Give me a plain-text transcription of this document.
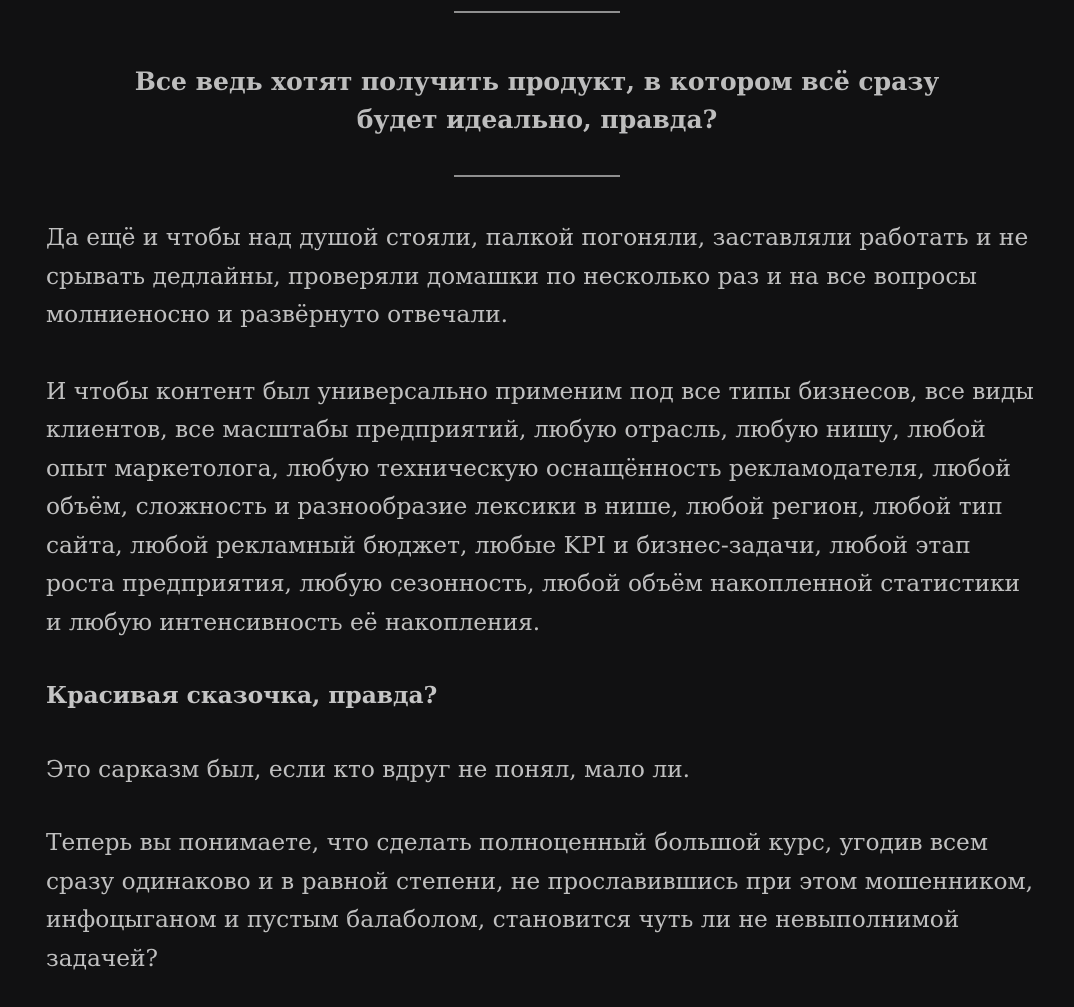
Все ведь хотят получить продукт, в котором всё сразу будет идеально, правда?

Да ещё и чтобы над душой стояли, палкой погоняли, заставляли работать и не срывать дедлайны, проверяли домашки по несколько раз и на все вопросы молниеносно и развёрнуто отвечали.

И чтобы контент был универсально применим под все типы бизнесов, все виды клиентов, все масштабы предприятий, любую отрасль, любую нишу, любой опыт маркетолога, любую техническую оснащённость рекламодателя, любой объём, сложность и разнообразие лексики в нише, любой регион, любой тип сайта, любой рекламный бюджет, любые KPI и бизнес-задачи, любой этап роста предприятия, любую сезонность, любой объём накопленной статистики и любую интенсивность её накопления.

Красивая сказочка, правда?

Это сарказм был, если кто вдруг не понял, мало ли.

Теперь вы понимаете, что сделать полноценный большой курс, угодив всем сразу одинаково и в равной степени, не прославившись при этом мошенником, инфоцыганом и пустым балаболом, становится чуть ли не невыполнимой задачей?
